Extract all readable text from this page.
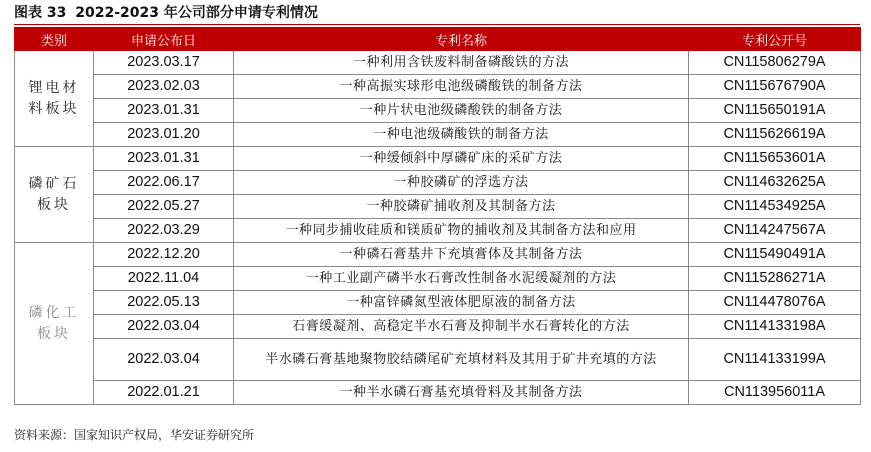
图表 33 2022-2023 年公司部分申请专利情况
类别	申请公布日	专利名称	专利公开号
锂电材料板块	2023.03.17	一种利用含铁废料制备磷酸铁的方法	CN115806279A
	2023.02.03	一种高振实球形电池级磷酸铁的制备方法	CN115676790A
	2023.01.31	一种片状电池级磷酸铁的制备方法	CN115650191A
	2023.01.20	一种电池级磷酸铁的制备方法	CN115626619A
磷矿石板块	2023.01.31	一种缓倾斜中厚磷矿床的采矿方法	CN115653601A
	2022.06.17	一种胶磷矿的浮选方法	CN114632625A
	2022.05.27	一种胶磷矿捕收剂及其制备方法	CN114534925A
	2022.03.29	一种同步捕收硅质和镁质矿物的捕收剂及其制备方法和应用	CN114247567A
磷化工板块	2022.12.20	一种磷石膏基井下充填膏体及其制备方法	CN115490491A
	2022.11.04	一种工业副产磷半水石膏改性制备水泥缓凝剂的方法	CN115286271A
	2022.05.13	一种富锌磷氮型液体肥原液的制备方法	CN114478076A
	2022.03.04	石膏缓凝剂、高稳定半水石膏及抑制半水石膏转化的方法	CN114133198A
	2022.03.04	半水磷石膏基地聚物胶结磷尾矿充填材料及其用于矿井充填的方法	CN114133199A
	2022.01.21	一种半水磷石膏基充填骨料及其制备方法	CN113956011A
资料来源：国家知识产权局，华安证券研究所
